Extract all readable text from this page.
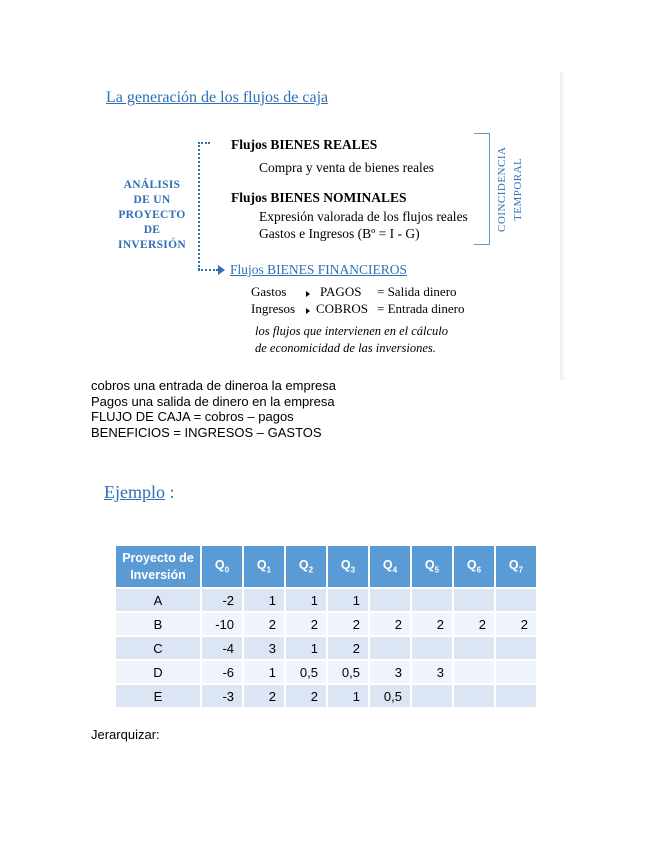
La generación de los flujos de caja
ANÁLISIS
DE UN
PROYECTO
DE
INVERSIÓN
Flujos BIENES REALES
Compra y venta de bienes reales
Flujos BIENES NOMINALES
Expresión valorada de los flujos reales
Gastos e Ingresos (Bº = I - G)
Flujos BIENES FINANCIEROS
COINCIDENCIA TEMPORAL
Gastos	PAGOS = Salida dinero
Ingresos COBROS = Entrada dinero
los flujos que intervienen en el cálculo
de economicidad de las inversiones.
cobros una entrada de dineroa la empresa
Pagos una salida de dinero en la empresa
FLUJO DE CAJA = cobros – pagos
BENEFICIOS = INGRESOS – GASTOS
Ejemplo :
Proyecto de
Inversión	$Q_0$	$Q_1$	$Q_2$	$Q_3$	$Q_4$	$Q_5$	$Q_6$	$Q_7$
A	-2	1	1	1				
B	-10	2	2	2	2	2	2	2
C	-4	3	1	2				
D	-6	1	0,5	0,5	3	3		
E	-3	2	2	1	0,5			
Jerarquizar:
